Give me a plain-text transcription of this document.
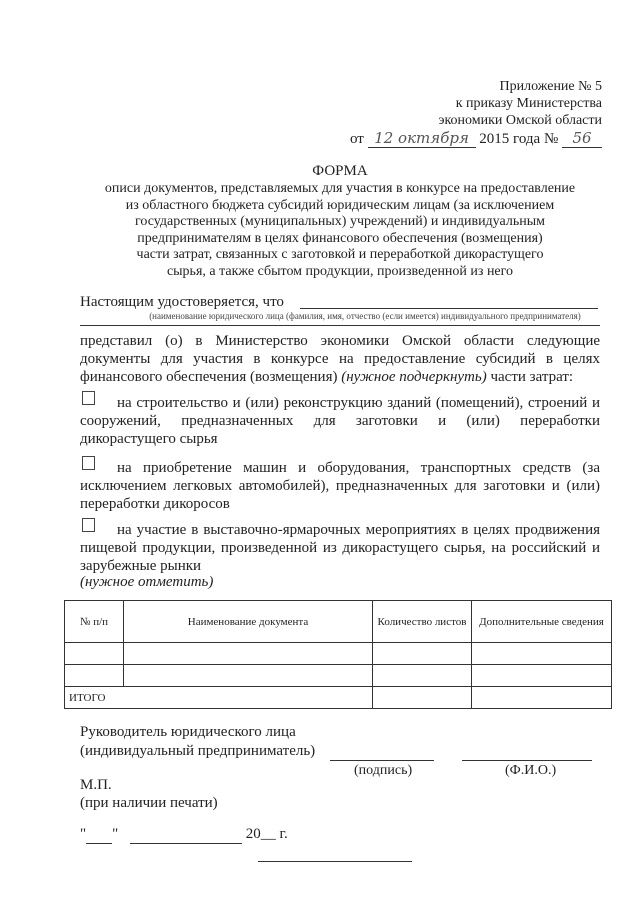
Приложение № 5
к приказу Министерства
экономики Омской области
от 12 октября 2015 года № 56
ФОРМА
описи документов, представляемых для участия в конкурсе на предоставление
из областного бюджета субсидий юридическим лицам (за исключением
государственных (муниципальных) учреждений) и индивидуальным
предпринимателям в целях финансового обеспечения (возмещения)
части затрат, связанных с заготовкой и переработкой дикорастущего
сырья, а также сбытом продукции, произведенной из него
Настоящим удостоверяется, что
(наименование юридического лица (фамилия, имя, отчество (если имеется) индивидуального предпринимателя)
представил (о) в Министерство экономики Омской области следующие документы для участия в конкурсе на предоставление субсидий в целях финансового обеспечения (возмещения) (нужное подчеркнуть) части затрат:
на строительство и (или) реконструкцию зданий (помещений), строений и сооружений, предназначенных для заготовки и (или) переработки дикорастущего сырья
на приобретение машин и оборудования, транспортных средств (за исключением легковых автомобилей), предназначенных для заготовки и (или) переработки дикоросов
на участие в выставочно-ярмарочных мероприятиях в целях продвижения пищевой продукции, произведенной из дикорастущего сырья, на российский и зарубежные рынки
(нужное отметить)
№ п/п	Наименование документа	Количество листов	Дополнительные сведения

ИТОГО			
Руководитель юридического лица
(индивидуальный предприниматель)
(подпись)	(Ф.И.О.)
М.П.
(при наличии печати)
" "	20__ г.
